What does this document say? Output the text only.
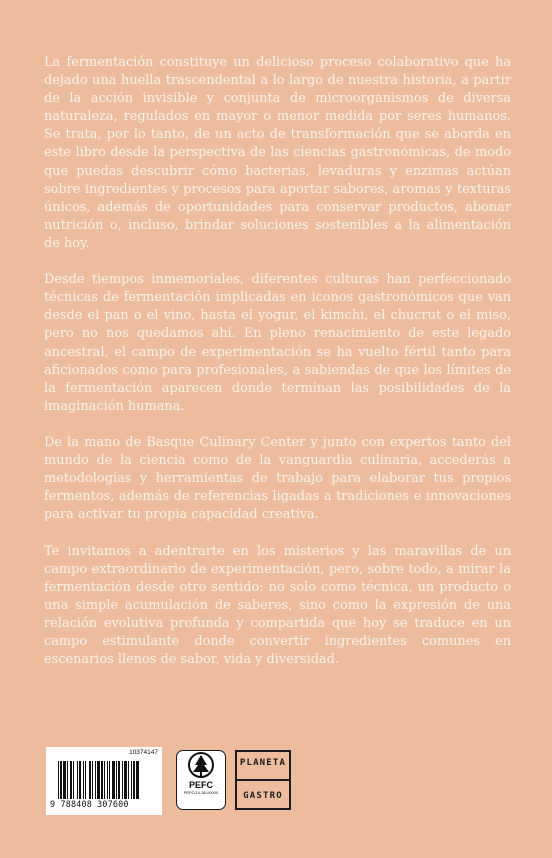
La fermentación constituye un delicioso proceso colaborativo que ha dejado una huella trascendental a lo largo de nuestra historia, a partir de la acción invisible y conjunta de microorganismos de diversa naturaleza, regulados en mayor o menor medida por seres humanos. Se trata, por lo tanto, de un acto de transformación que se aborda en este libro desde la perspectiva de las ciencias gastronómicas, de modo que puedas descubrir cómo bacterias, levaduras y enzimas actúan sobre ingredientes y procesos para aportar sabores, aromas y texturas únicos, además de oportunidades para conservar productos, abonar nutrición o, incluso, brindar soluciones sostenibles a la alimentación de hoy.

Desde tiempos inmemoriales, diferentes culturas han perfeccionado técnicas de fermentación implicadas en iconos gastronómicos que van desde el pan o el vino, hasta el yogur, el kimchi, el chucrut o el miso, pero no nos quedamos ahí. En pleno renacimiento de este legado ancestral, el campo de experimentación se ha vuelto fértil tanto para aficionados como para profesionales, a sabiendas de que los límites de la fermentación aparecen donde terminan las posibilidades de la imaginación humana.

De la mano de Basque Culinary Center y junto con expertos tanto del mundo de la ciencia como de la vanguardia culinaria, accederás a metodologías y herramientas de trabajo para elaborar tus propios fermentos, además de referencias ligadas a tradiciones e innovaciones para activar tu propia capacidad creativa.

Te invitamos a adentrarte en los misterios y las maravillas de un campo extraordinario de experimentación, pero, sobre todo, a mirar la fermentación desde otro sentido: no solo como técnica, un producto o una simple acumulación de saberes, sino como la expresión de una relación evolutiva profunda y compartida que hoy se traduce en un campo estimulante donde convertir ingredientes comunes en escenarios llenos de sabor, vida y diversidad.

10374147
9 788408 307600
PEFC
PEFC/14-38-00000
PLANETA
GASTRO
